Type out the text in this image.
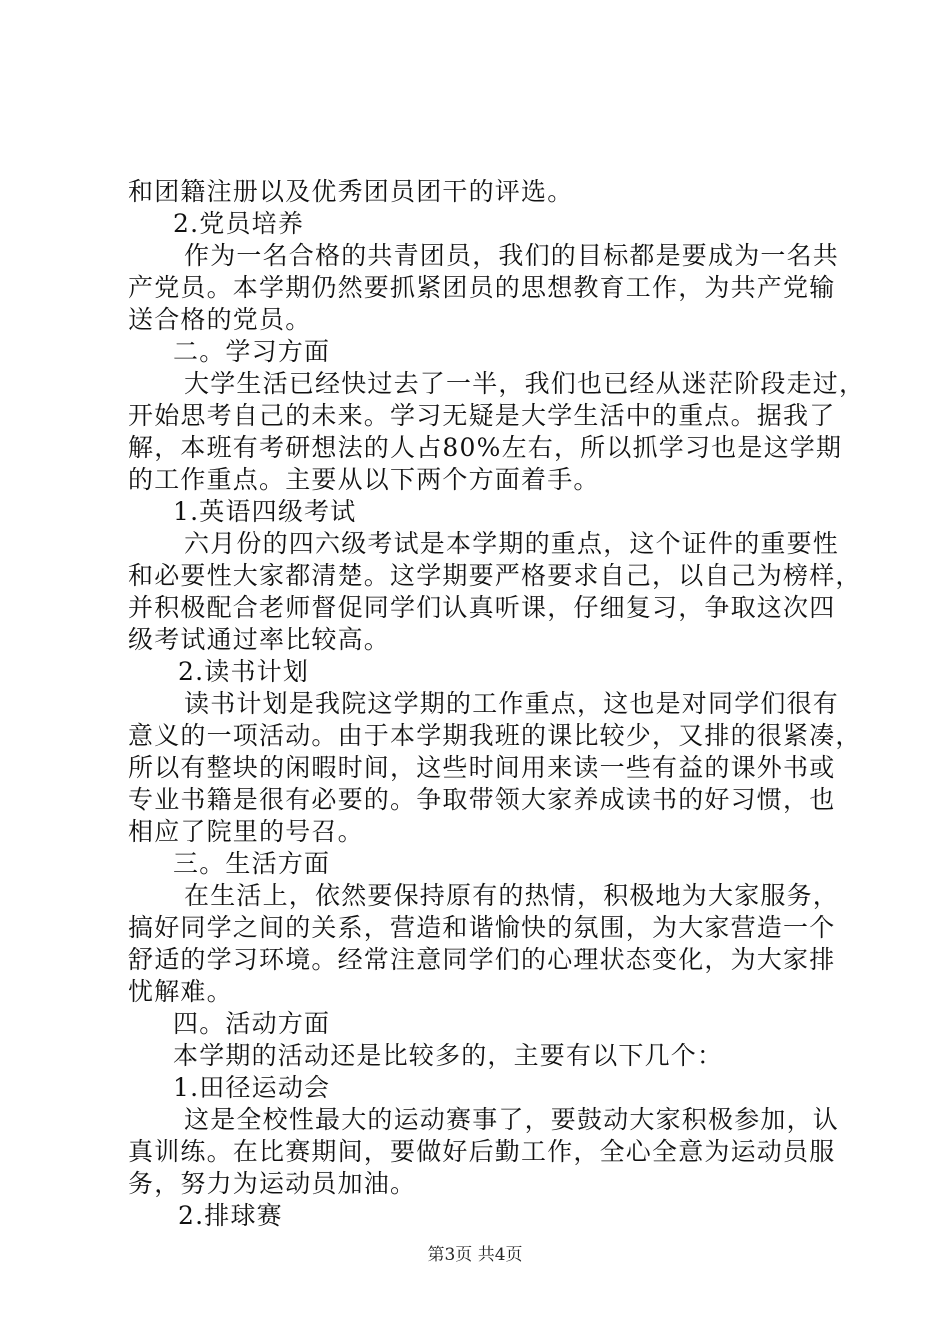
和团籍注册以及优秀团员团干的评选。
2.党员培养
作为一名合格的共青团员，我们的目标都是要成为一名共
产党员。本学期仍然要抓紧团员的思想教育工作，为共产党输
送合格的党员。
二。学习方面
大学生活已经快过去了一半，我们也已经从迷茫阶段走过，
开始思考自己的未来。学习无疑是大学生活中的重点。据我了
解，本班有考研想法的人占80%左右，所以抓学习也是这学期
的工作重点。主要从以下两个方面着手。
1.英语四级考试
六月份的四六级考试是本学期的重点，这个证件的重要性
和必要性大家都清楚。这学期要严格要求自己，以自己为榜样，
并积极配合老师督促同学们认真听课，仔细复习，争取这次四
级考试通过率比较高。
2.读书计划
读书计划是我院这学期的工作重点，这也是对同学们很有
意义的一项活动。由于本学期我班的课比较少，又排的很紧凑，
所以有整块的闲暇时间，这些时间用来读一些有益的课外书或
专业书籍是很有必要的。争取带领大家养成读书的好习惯，也
相应了院里的号召。
三。生活方面
在生活上，依然要保持原有的热情，积极地为大家服务，
搞好同学之间的关系，营造和谐愉快的氛围，为大家营造一个
舒适的学习环境。经常注意同学们的心理状态变化，为大家排
忧解难。
四。活动方面
本学期的活动还是比较多的，主要有以下几个：
1.田径运动会
这是全校性最大的运动赛事了，要鼓动大家积极参加，认
真训练。在比赛期间，要做好后勤工作，全心全意为运动员服
务，努力为运动员加油。
2.排球赛
第3页 共4页
